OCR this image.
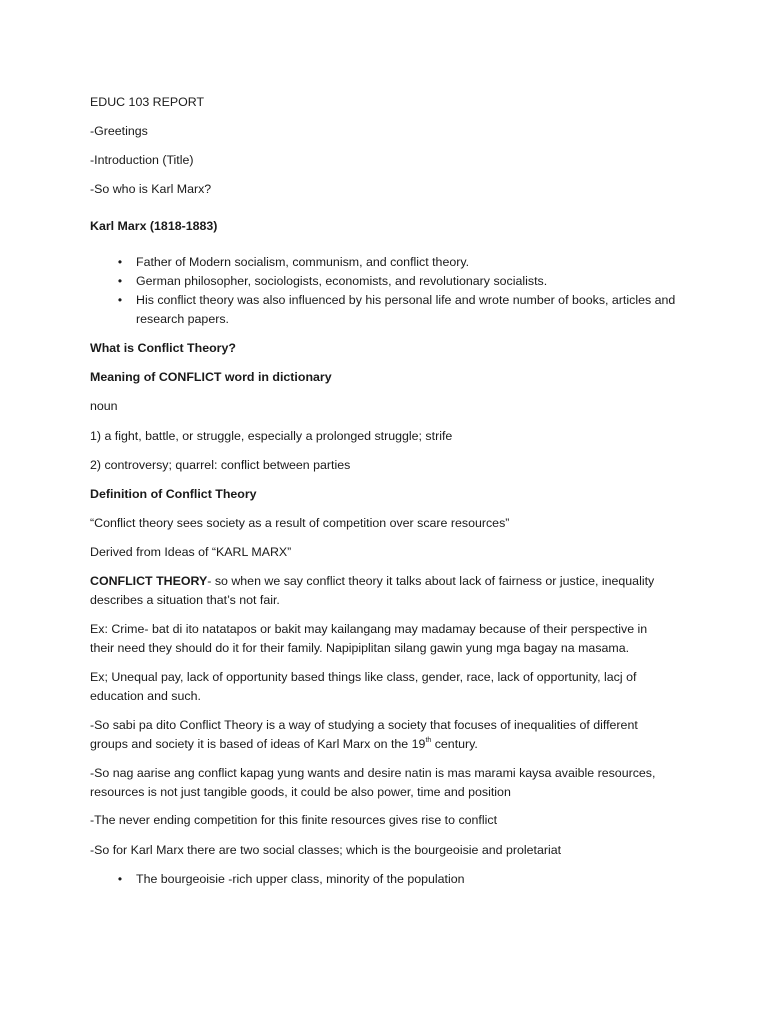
EDUC 103 REPORT
-Greetings
-Introduction (Title)
-So who is Karl Marx?
Karl Marx (1818-1883)
•	Father of Modern socialism, communism, and conflict theory.
•	German philosopher, sociologists, economists, and revolutionary socialists.
•	His conflict theory was also influenced by his personal life and wrote number of books, articles and research papers.
What is Conflict Theory?
Meaning of CONFLICT word in dictionary
noun
1) a fight, battle, or struggle, especially a prolonged struggle; strife
2) controversy; quarrel: conflict between parties
Definition of Conflict Theory
“Conflict theory sees society as a result of competition over scare resources”
Derived from Ideas of “KARL MARX”
CONFLICT THEORY- so when we say conflict theory it talks about lack of fairness or justice, inequality describes a situation that’s not fair.
Ex: Crime- bat di ito natatapos or bakit may kailangang may madamay because of their perspective in their need they should do it for their family. Napipiplitan silang gawin yung mga bagay na masama.
Ex; Unequal pay, lack of opportunity based things like class, gender, race, lack of opportunity, lacj of education and such.
-So sabi pa dito Conflict Theory is a way of studying a society that focuses of inequalities of different groups and society it is based of ideas of Karl Marx on the 19th century.
-So nag aarise ang conflict kapag yung wants and desire natin is mas marami kaysa avaible resources, resources is not just tangible goods, it could be also power, time and position
-The never ending competition for this finite resources gives rise to conflict
-So for Karl Marx there are two social classes; which is the bourgeoisie and proletariat
•	The bourgeoisie -rich upper class, minority of the population
